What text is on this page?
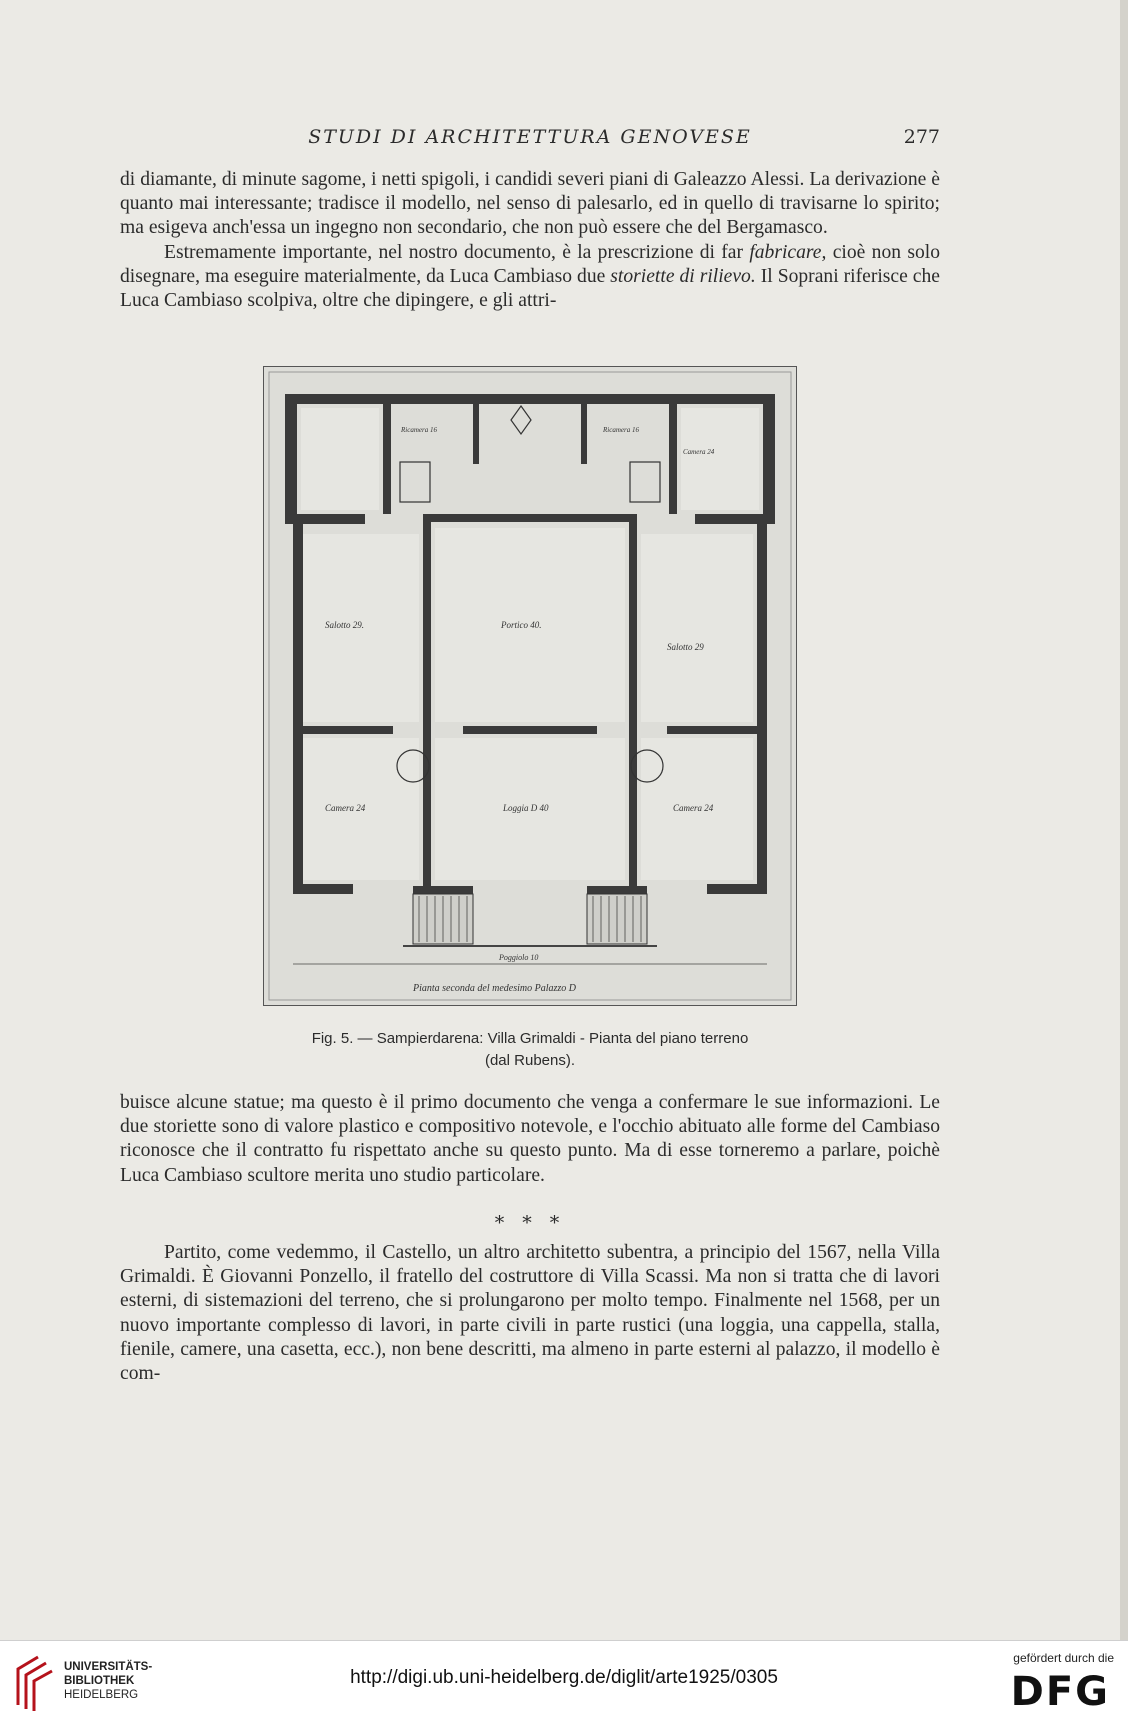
STUDI DI ARCHITETTURA GENOVESE	277

di diamante, di minute sagome, i netti spigoli, i candidi severi piani di Galeazzo Alessi. La derivazione è quanto mai interessante; tradisce il modello, nel senso di palesarlo, ed in quello di travisarne lo spirito; ma esigeva anch'essa un ingegno non secondario, che non può essere che del Bergamasco.

Estremamente importante, nel nostro documento, è la prescrizione di far fabricare, cioè non solo disegnare, ma eseguire materialmente, da Luca Cambiaso due storiette di rilievo. Il Soprani riferisce che Luca Cambiaso scolpiva, oltre che dipingere, e gli attri-

Salotto 29.	Portico 40.
Salotto 29
Camera 24	Loggia D 40	Camera 24
Ricamera 16	Ricamera 16
Camera 24
Poggiolo 10
Pianta seconda del medesimo Palazzo D
Fig. 5. — Sampierdarena: Villa Grimaldi - Pianta del piano terreno
(dal Rubens).

buisce alcune statue; ma questo è il primo documento che venga a confermare le sue informazioni. Le due storiette sono di valore plastico e compositivo notevole, e l'occhio abituato alle forme del Cambiaso riconosce che il contratto fu rispettato anche su questo punto. Ma di esse torneremo a parlare, poichè Luca Cambiaso scultore merita uno studio particolare.

* * *

Partito, come vedemmo, il Castello, un altro architetto subentra, a principio del 1567, nella Villa Grimaldi. È Giovanni Ponzello, il fratello del costruttore di Villa Scassi. Ma non si tratta che di lavori esterni, di sistemazioni del terreno, che si prolungarono per molto tempo. Finalmente nel 1568, per un nuovo importante complesso di lavori, in parte civili in parte rustici (una loggia, una cappella, stalla, fienile, camere, una casetta, ecc.), non bene descritti, ma almeno in parte esterni al palazzo, il modello è com-

UNIVERSITÄTS-
BIBLIOTHEK
HEIDELBERG
http://digi.ub.uni-heidelberg.de/diglit/arte1925/0305
gefördert durch die
DFG
